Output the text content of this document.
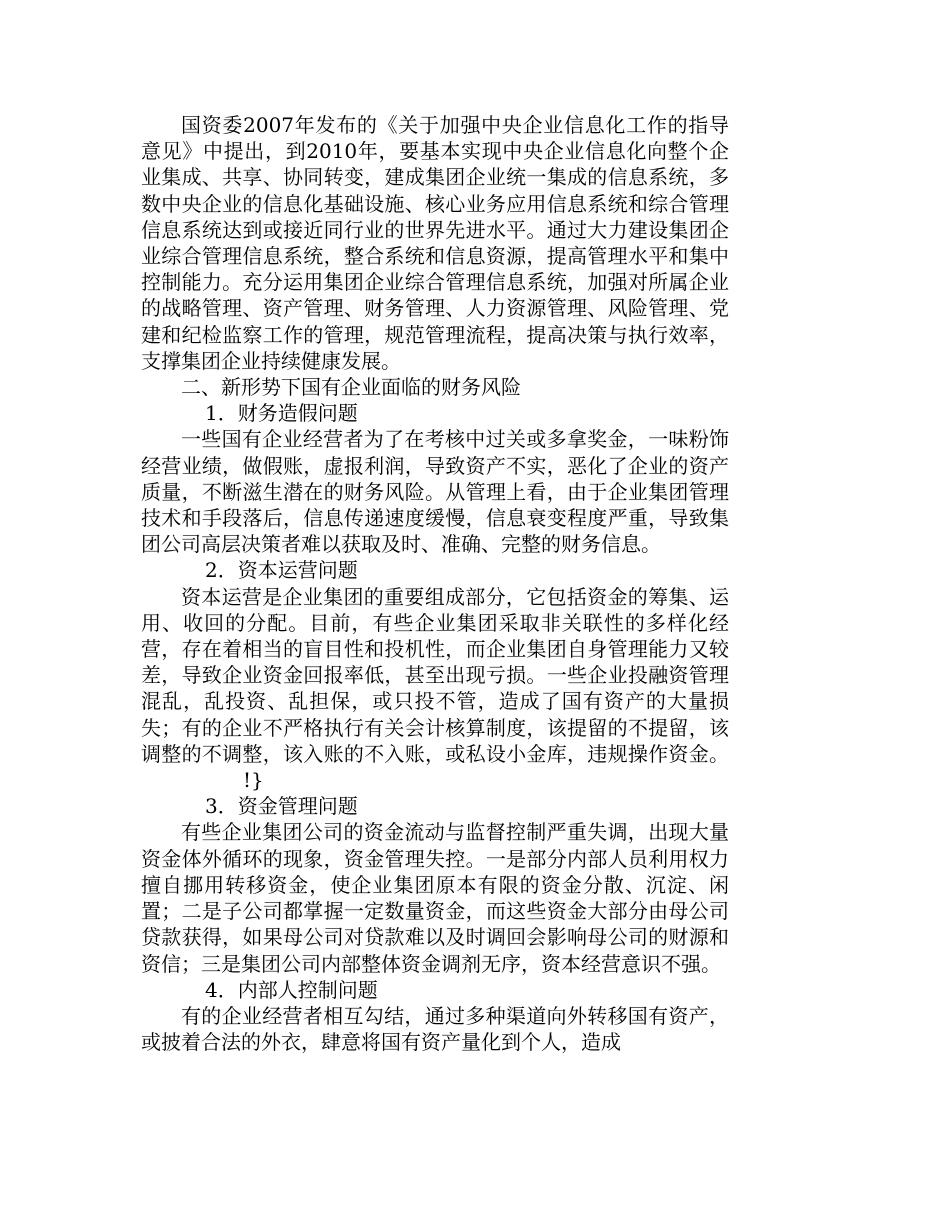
国资委2007年发布的《关于加强中央企业信息化工作的指导意见》中提出，到2010年，要基本实现中央企业信息化向整个企业集成、共享、协同转变，建成集团企业统一集成的信息系统，多数中央企业的信息化基础设施、核心业务应用信息系统和综合管理信息系统达到或接近同行业的世界先进水平。通过大力建设集团企业综合管理信息系统，整合系统和信息资源，提高管理水平和集中控制能力。充分运用集团企业综合管理信息系统，加强对所属企业的战略管理、资产管理、财务管理、人力资源管理、风险管理、党建和纪检监察工作的管理，规范管理流程，提高决策与执行效率，支撑集团企业持续健康发展。

二、新形势下国有企业面临的财务风险

1．财务造假问题

一些国有企业经营者为了在考核中过关或多拿奖金，一味粉饰经营业绩，做假账，虚报利润，导致资产不实，恶化了企业的资产质量，不断滋生潜在的财务风险。从管理上看，由于企业集团管理技术和手段落后，信息传递速度缓慢，信息衰变程度严重，导致集团公司高层决策者难以获取及时、准确、完整的财务信息。

2．资本运营问题

资本运营是企业集团的重要组成部分，它包括资金的筹集、运用、收回的分配。目前，有些企业集团采取非关联性的多样化经营，存在着相当的盲目性和投机性，而企业集团自身管理能力又较差，导致企业资金回报率低，甚至出现亏损。一些企业投融资管理混乱，乱投资、乱担保，或只投不管，造成了国有资产的大量损失；有的企业不严格执行有关会计核算制度，该提留的不提留，该调整的不调整，该入账的不入账，或私设小金库，违规操作资金。!}

3．资金管理问题

有些企业集团公司的资金流动与监督控制严重失调，出现大量资金体外循环的现象，资金管理失控。一是部分内部人员利用权力擅自挪用转移资金，使企业集团原本有限的资金分散、沉淀、闲置；二是子公司都掌握一定数量资金，而这些资金大部分由母公司贷款获得，如果母公司对贷款难以及时调回会影响母公司的财源和资信；三是集团公司内部整体资金调剂无序，资本经营意识不强。

4．内部人控制问题

有的企业经营者相互勾结，通过多种渠道向外转移国有资产，或披着合法的外衣，肆意将国有资产量化到个人，造成
